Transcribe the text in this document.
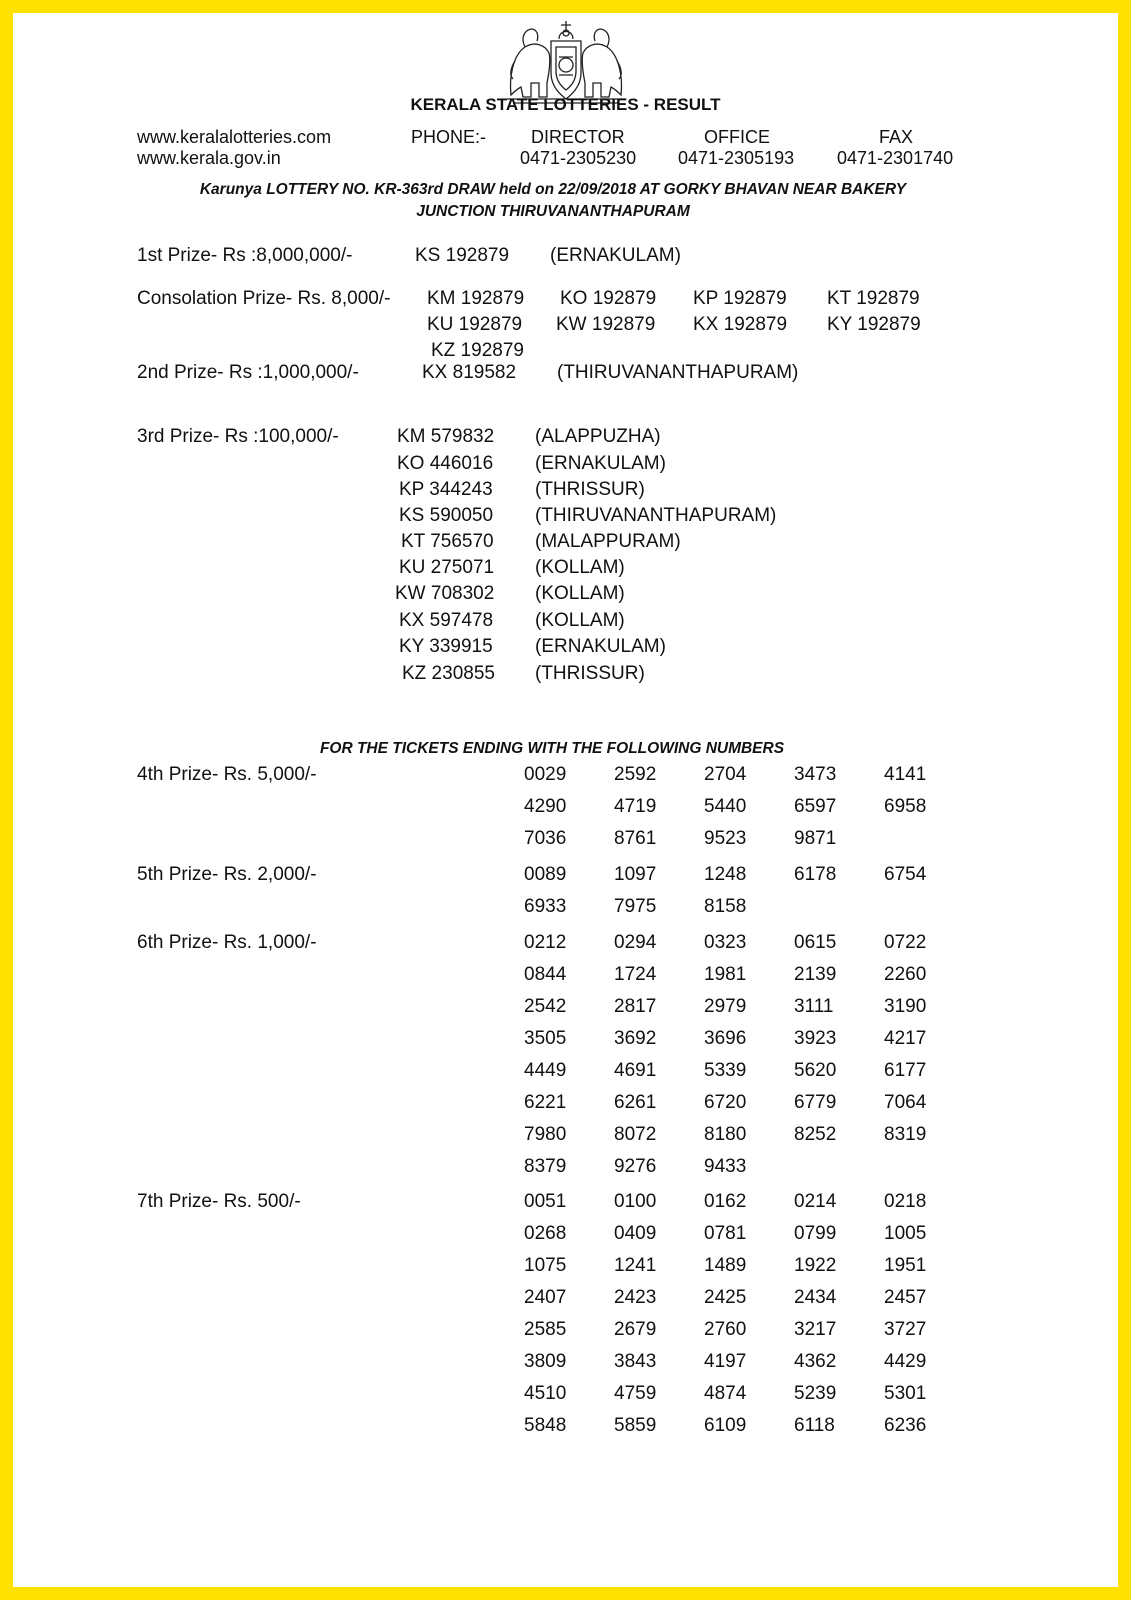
KERALA STATE LOTTERIES - RESULT
www.keralalotteries.com
www.kerala.gov.in
PHONE:- DIRECTOR
0471-2305230
OFFICE
0471-2305193
FAX
0471-2301740
Karunya LOTTERY NO. KR-363rd DRAW held on 22/09/2018 AT GORKY BHAVAN NEAR BAKERY
JUNCTION THIRUVANANTHAPURAM
1st Prize- Rs :8,000,000/-	KS 192879 (ERNAKULAM)
Consolation Prize- Rs. 8,000/- KM 192879 KO 192879 KP 192879 KT 192879
KU 192879 KW 192879 KX 192879 KY 192879
KZ 192879
2nd Prize- Rs :1,000,000/-	KX 819582 (THIRUVANANTHAPURAM)
3rd Prize- Rs :100,000/-	KM 579832 (ALAPPUZHA)
KO 446016 (ERNAKULAM)
KP 344243 (THRISSUR)
KS 590050 (THIRUVANANTHAPURAM)
KT 756570 (MALAPPURAM)
KU 275071 (KOLLAM)
KW 708302 (KOLLAM)
KX 597478 (KOLLAM)
KY 339915 (ERNAKULAM)
KZ 230855 (THRISSUR)
FOR THE TICKETS ENDING WITH THE FOLLOWING NUMBERS
4th Prize- Rs. 5,000/-	0029	2592	2704	3473	4141
4290	4719	5440	6597	6958
7036	8761	9523	9871
5th Prize- Rs. 2,000/-	0089	1097	1248	6178	6754
6933	7975	8158
6th Prize- Rs. 1,000/-	0212	0294	0323	0615	0722
0844	1724	1981	2139	2260
2542	2817	2979	3111	3190
3505	3692	3696	3923	4217
4449	4691	5339	5620	6177
6221	6261	6720	6779	7064
7980	8072	8180	8252	8319
8379	9276	9433
7th Prize- Rs. 500/-	0051	0100	0162	0214	0218
0268	0409	0781	0799	1005
1075	1241	1489	1922	1951
2407	2423	2425	2434	2457
2585	2679	2760	3217	3727
3809	3843	4197	4362	4429
4510	4759	4874	5239	5301
5848	5859	6109	6118	6236
